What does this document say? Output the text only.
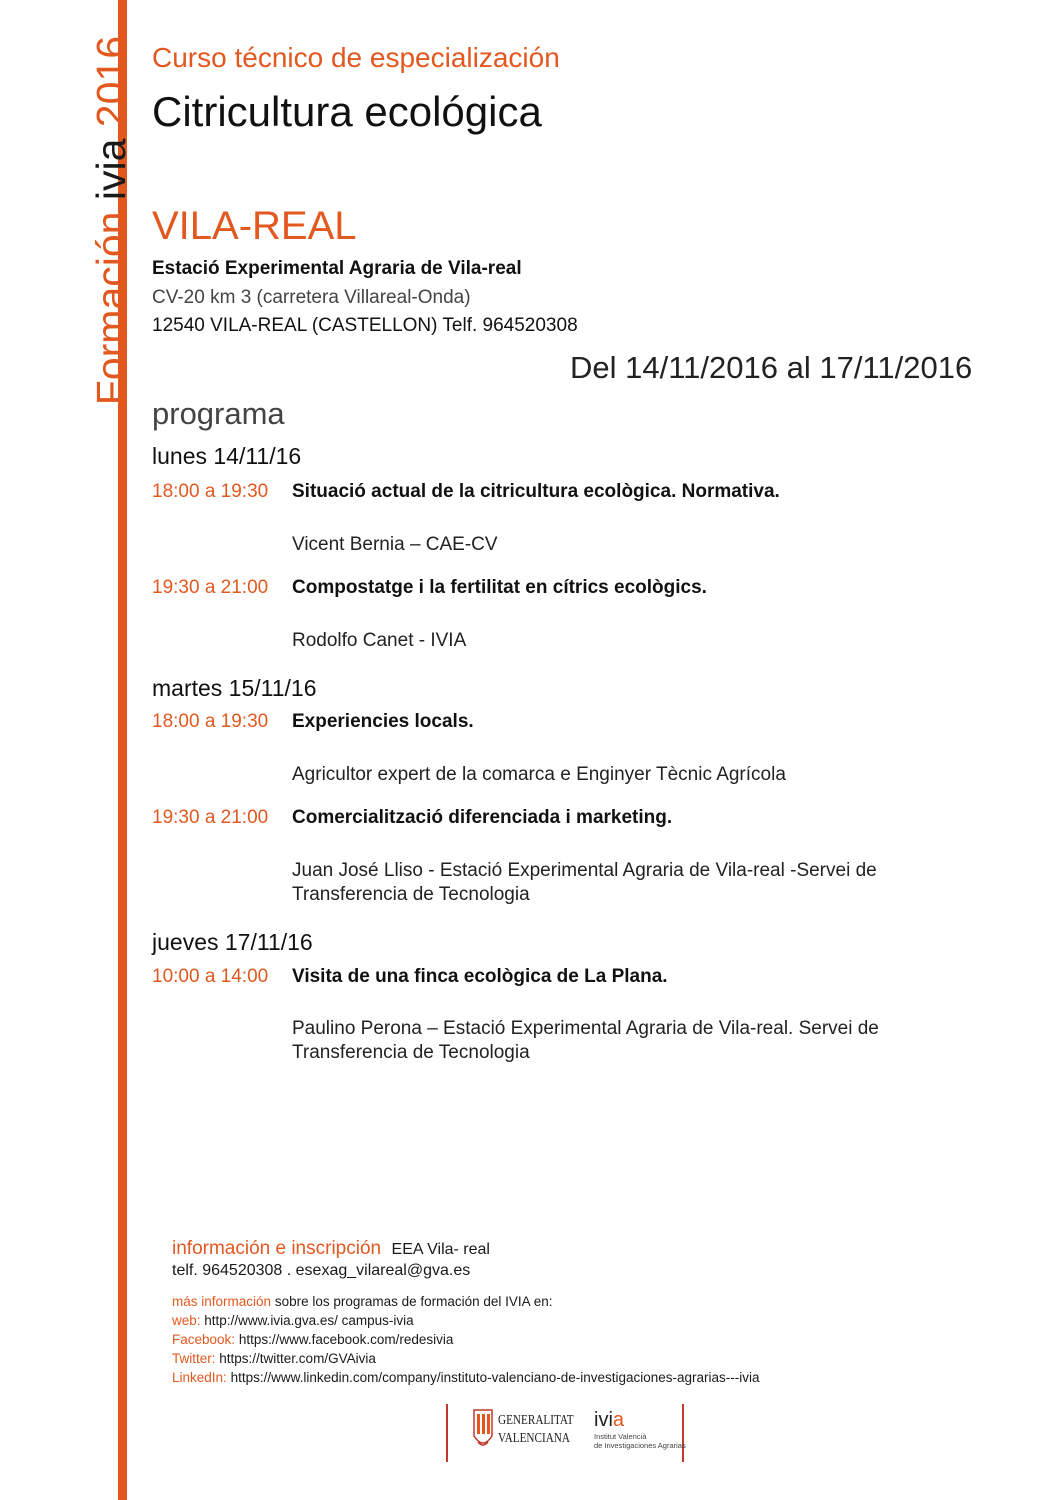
Formación ivia 2016 Curso técnico de especialización
Citricultura ecológica
VILA-REAL
Estació Experimental Agraria de Vila-real
CV-20 km 3 (carretera Villareal-Onda)
12540 VILA-REAL (CASTELLON) Telf. 964520308
Del 14/11/2016 al 17/11/2016
programa
lunes 14/11/16
18:00 a 19:30 Situació actual de la citricultura ecològica. Normativa.
Vicent Bernia – CAE-CV
19:30 a 21:00 Compostatge i la fertilitat en cítrics ecològics.
Rodolfo Canet - IVIA
martes 15/11/16
18:00 a 19:30 Experiencies locals.
Agricultor expert de la comarca e Enginyer Tècnic Agrícola
19:30 a 21:00 Comercialització diferenciada i marketing.
Juan José Lliso - Estació Experimental Agraria de Vila-real -Servei de Transferencia de Tecnologia
jueves 17/11/16
10:00 a 14:00 Visita de una finca ecològica de La Plana.
Paulino Perona – Estació Experimental Agraria de Vila-real. Servei de Transferencia de Tecnologia
información e inscripción EEA Vila- real
telf. 964520308 . esexag_vilareal@gva.es
más información sobre los programas de formación del IVIA en:
web: http://www.ivia.gva.es/ campus-ivia
Facebook: https://www.facebook.com/redesivia
Twitter: https://twitter.com/GVAivia
LinkedIn: https://www.linkedin.com/company/instituto-valenciano-de-investigaciones-agrarias---ivia
GENERALITAT
VALENCIANA
ivia
Institut Valencià
de Investigaciones Agrarias
